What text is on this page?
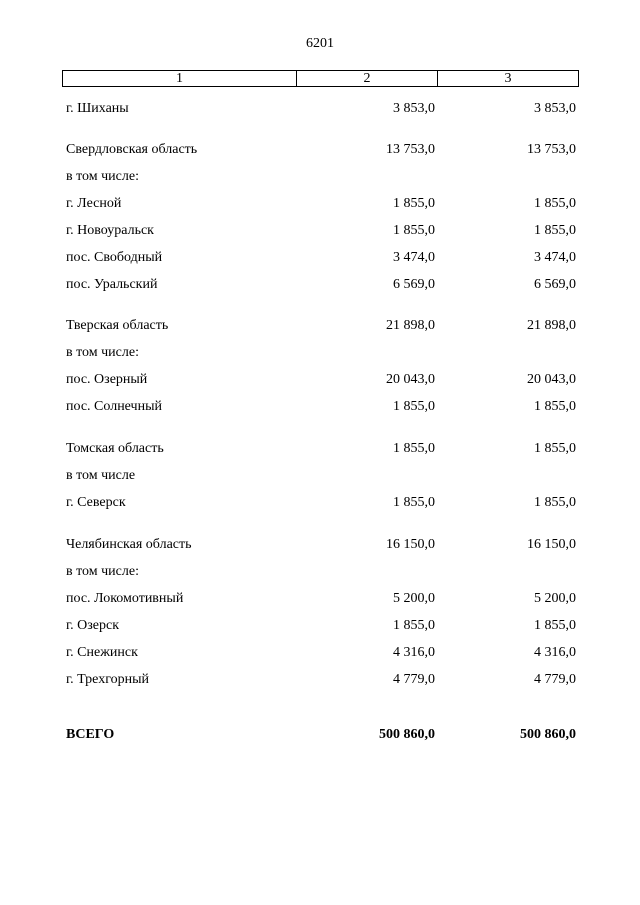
6201
1	2	3
г. Шиханы	3 853,0	3 853,0
Свердловская область	13 753,0	13 753,0
в том числе:
г. Лесной	1 855,0	1 855,0
г. Новоуральск	1 855,0	1 855,0
пос. Свободный	3 474,0	3 474,0
пос. Уральский	6 569,0	6 569,0
Тверская область	21 898,0	21 898,0
в том числе:
пос. Озерный	20 043,0	20 043,0
пос. Солнечный	1 855,0	1 855,0
Томская область	1 855,0	1 855,0
в том числе
г. Северск	1 855,0	1 855,0
Челябинская область	16 150,0	16 150,0
в том числе:
пос. Локомотивный	5 200,0	5 200,0
г. Озерск	1 855,0	1 855,0
г. Снежинск	4 316,0	4 316,0
г. Трехгорный	4 779,0	4 779,0
ВСЕГО	500 860,0	500 860,0
